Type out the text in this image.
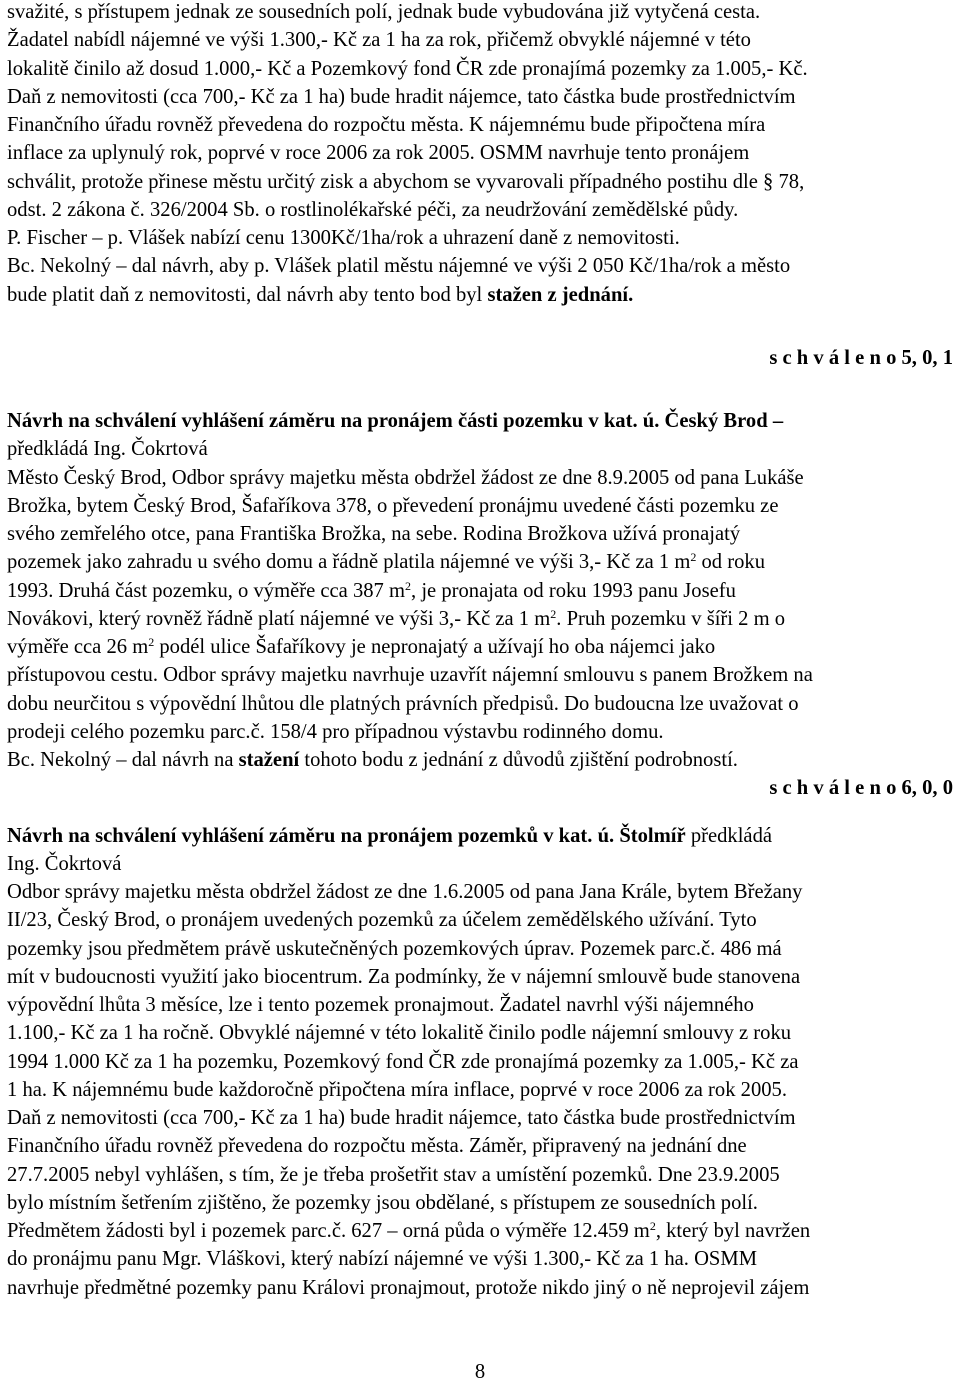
svažité, s přístupem jednak ze sousedních polí, jednak bude vybudována již vytyčená cesta.
Žadatel nabídl nájemné ve výši 1.300,- Kč za 1 ha za rok, přičemž obvyklé nájemné v této
lokalitě činilo až dosud 1.000,- Kč a Pozemkový fond ČR zde pronajímá pozemky za 1.005,- Kč.
Daň z nemovitosti (cca 700,- Kč za 1 ha) bude hradit nájemce, tato částka bude prostřednictvím
Finančního úřadu rovněž převedena do rozpočtu města. K nájemnému bude připočtena míra
inflace za uplynulý rok, poprvé v roce 2006 za rok 2005. OSMM navrhuje tento pronájem
schválit, protože přinese městu určitý zisk a abychom se vyvarovali případného postihu dle § 78,
odst. 2 zákona č. 326/2004 Sb. o rostlinolékařské péči, za neudržování zemědělské půdy.
P. Fischer – p. Vlášek nabízí cenu 1300Kč/1ha/rok a uhrazení daně z nemovitosti.
Bc. Nekolný – dal návrh, aby p. Vlášek platil městu nájemné ve výši 2 050 Kč/1ha/rok a město
bude platit daň z nemovitosti, dal návrh aby tento bod byl stažen z jednání.
s c h v á l e n o 5, 0, 1
Návrh na schválení vyhlášení záměru na pronájem části pozemku v kat. ú. Český Brod –
předkládá Ing. Čokrtová
Město Český Brod, Odbor správy majetku města obdržel žádost ze dne 8.9.2005 od pana Lukáše
Brožka, bytem Český Brod, Šafaříkova 378, o převedení pronájmu uvedené části pozemku ze
svého zemřelého otce, pana Františka Brožka, na sebe. Rodina Brožkova užívá pronajatý
pozemek jako zahradu u svého domu a řádně platila nájemné ve výši 3,- Kč za 1 $m^2$ od roku
1993. Druhá část pozemku, o výměře cca 387 $m^2$, je pronajata od roku 1993 panu Josefu
Novákovi, který rovněž řádně platí nájemné ve výši 3,- Kč za 1 $m^2$. Pruh pozemku v šíři 2 m o
výměře cca 26 $m^2$ podél ulice Šafaříkovy je nepronajatý a užívají ho oba nájemci jako
přístupovou cestu. Odbor správy majetku navrhuje uzavřít nájemní smlouvu s panem Brožkem na
dobu neurčitou s výpovědní lhůtou dle platných právních předpisů. Do budoucna lze uvažovat o
prodeji celého pozemku parc.č. 158/4 pro případnou výstavbu rodinného domu.
Bc. Nekolný – dal návrh na stažení tohoto bodu z jednání z důvodů zjištění podrobností.
s c h v á l e n o 6, 0, 0
Návrh na schválení vyhlášení záměru na pronájem pozemků v kat. ú. Štolmíř předkládá
Ing. Čokrtová
Odbor správy majetku města obdržel žádost ze dne 1.6.2005 od pana Jana Krále, bytem Břežany
II/23, Český Brod, o pronájem uvedených pozemků za účelem zemědělského užívání. Tyto
pozemky jsou předmětem právě uskutečněných pozemkových úprav. Pozemek parc.č. 486 má
mít v budoucnosti využití jako biocentrum. Za podmínky, že v nájemní smlouvě bude stanovena
výpovědní lhůta 3 měsíce, lze i tento pozemek pronajmout. Žadatel navrhl výši nájemného
1.100,- Kč za 1 ha ročně. Obvyklé nájemné v této lokalitě činilo podle nájemní smlouvy z roku
1994 1.000 Kč za 1 ha pozemku, Pozemkový fond ČR zde pronajímá pozemky za 1.005,- Kč za
1 ha. K nájemnému bude každoročně připočtena míra inflace, poprvé v roce 2006 za rok 2005.
Daň z nemovitosti (cca 700,- Kč za 1 ha) bude hradit nájemce, tato částka bude prostřednictvím
Finančního úřadu rovněž převedena do rozpočtu města. Záměr, připravený na jednání dne
27.7.2005 nebyl vyhlášen, s tím, že je třeba prošetřit stav a umístění pozemků. Dne 23.9.2005
bylo místním šetřením zjištěno, že pozemky jsou obdělané, s přístupem ze sousedních polí.
Předmětem žádosti byl i pozemek parc.č. 627 – orná půda o výměře 12.459 $m^2$, který byl navržen
do pronájmu panu Mgr. Vláškovi, který nabízí nájemné ve výši 1.300,- Kč za 1 ha. OSMM
navrhuje předmětné pozemky panu Královi pronajmout, protože nikdo jiný o ně neprojevil zájem
8
